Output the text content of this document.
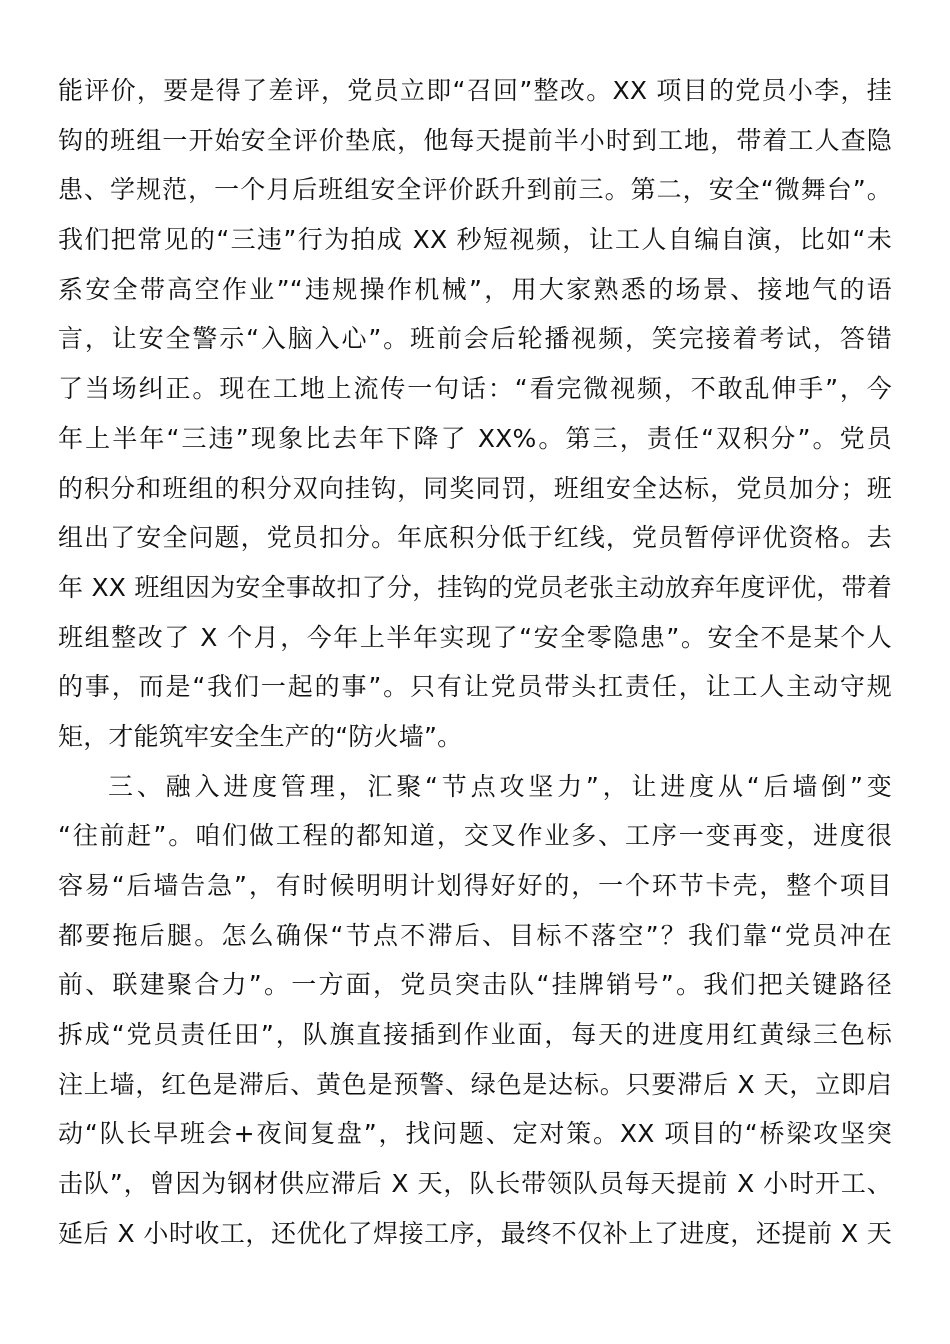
能评价，要是得了差评，党员立即“召回”整改。XX 项目的党员小李，挂
钩的班组一开始安全评价垫底，他每天提前半小时到工地，带着工人查隐
患、学规范，一个月后班组安全评价跃升到前三。第二，安全“微舞台”。
我们把常见的“三违”行为拍成 XX 秒短视频，让工人自编自演，比如“未
系安全带高空作业”“违规操作机械”，用大家熟悉的场景、接地气的语
言，让安全警示“入脑入心”。班前会后轮播视频，笑完接着考试，答错
了当场纠正。现在工地上流传一句话：“看完微视频，不敢乱伸手”，今
年上半年“三违”现象比去年下降了 XX%。第三，责任“双积分”。党员
的积分和班组的积分双向挂钩，同奖同罚，班组安全达标，党员加分；班
组出了安全问题，党员扣分。年底积分低于红线，党员暂停评优资格。去
年 XX 班组因为安全事故扣了分，挂钩的党员老张主动放弃年度评优，带着
班组整改了 X 个月，今年上半年实现了“安全零隐患”。安全不是某个人
的事，而是“我们一起的事”。只有让党员带头扛责任，让工人主动守规
矩，才能筑牢安全生产的“防火墙”。
三、融入进度管理，汇聚“节点攻坚力”，让进度从“后墙倒”变
“往前赶”。咱们做工程的都知道，交叉作业多、工序一变再变，进度很
容易“后墙告急”，有时候明明计划得好好的，一个环节卡壳，整个项目
都要拖后腿。怎么确保“节点不滞后、目标不落空”？我们靠“党员冲在
前、联建聚合力”。一方面，党员突击队“挂牌销号”。我们把关键路径
拆成“党员责任田”，队旗直接插到作业面，每天的进度用红黄绿三色标
注上墙，红色是滞后、黄色是预警、绿色是达标。只要滞后 X 天，立即启
动“队长早班会+夜间复盘”，找问题、定对策。XX 项目的“桥梁攻坚突
击队”，曾因为钢材供应滞后 X 天，队长带领队员每天提前 X 小时开工、
延后 X 小时收工，还优化了焊接工序，最终不仅补上了进度，还提前 X 天
